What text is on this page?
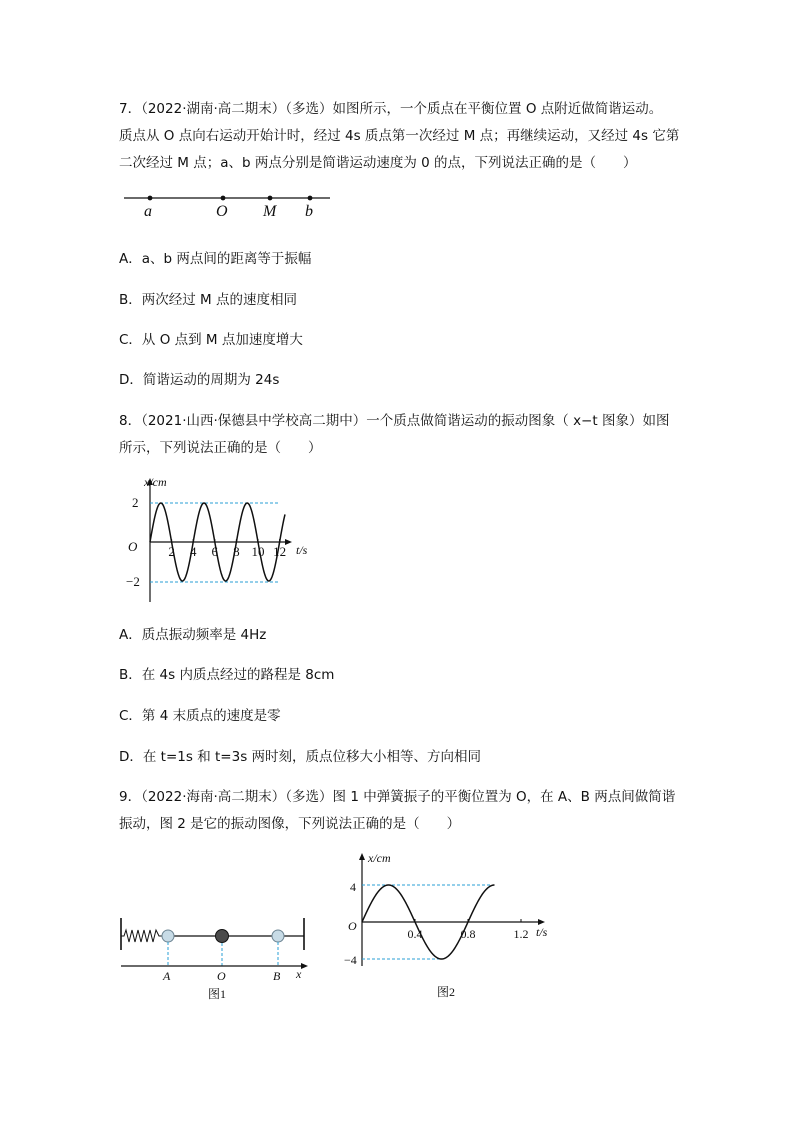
7．（2022·湖南·高二期末）（多选）如图所示，一个质点在平衡位置 O 点附近做简谐运动。
质点从 O 点向右运动开始计时，经过 4s 质点第一次经过 M 点；再继续运动，又经过 4s 它第
二次经过 M 点；a、b 两点分别是简谐运动速度为 0 的点，下列说法正确的是（　　）
a	O M b
A．a、b 两点间的距离等于振幅
B．两次经过 M 点的速度相同
C．从 O 点到 M 点加速度增大
D．简谐运动的周期为 24s
8．（2021·山西·保德县中学校高二期中）一个质点做简谐运动的振动图象（ x−t 图象）如图
所示，下列说法正确的是（　　）
2 4 6 8 10 12
x/cm
t/s
O
2
−2
A．质点振动频率是 4Hz
B．在 4s 内质点经过的路程是 8cm
C．第 4 末质点的速度是零
D．在 t=1s 和 t=3s 两时刻，质点位移大小相等、方向相同
9．（2022·海南·高二期末）（多选）图 1 中弹簧振子的平衡位置为 O，在 A、B 两点间做简谐
振动，图 2 是它的振动图像，下列说法正确的是（　　）
A	O	B x
图1
0.4	0.8	1.2
x/cm
t/s
O
4
−4
图2
